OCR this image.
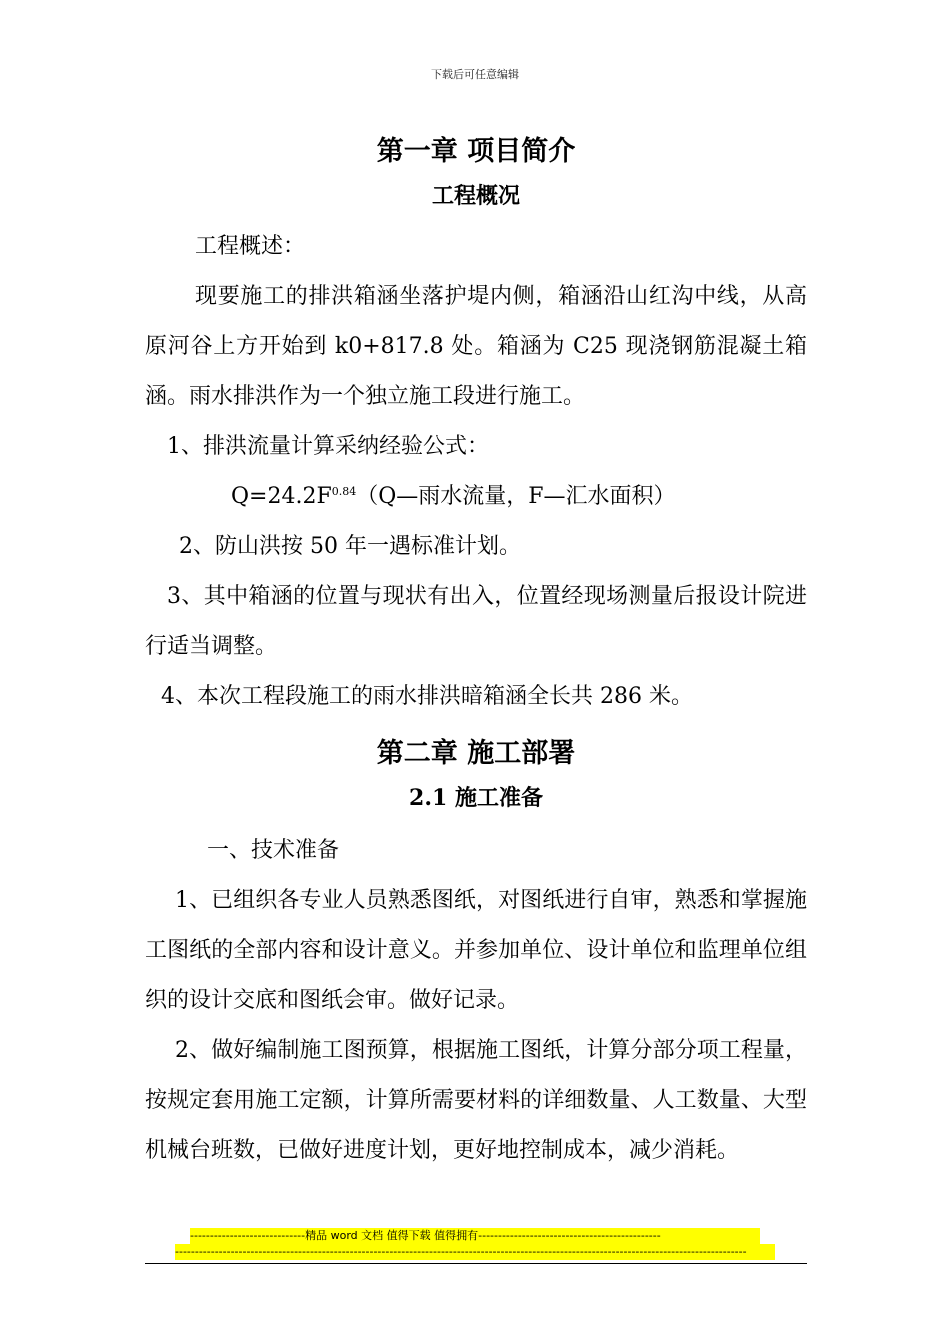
下载后可任意编辑
第一章 项目简介
工程概况

工程概述：

现要施工的排洪箱涵坐落护堤内侧，箱涵沿山红沟中线，从高原河谷上方开始到 k0+817.8 处。箱涵为 C25 现浇钢筋混凝土箱涵。雨水排洪作为一个独立施工段进行施工。

1、排洪流量计算采纳经验公式：

$Q=24.2F^{0.84}(Q—$雨水流量，F—汇水面积）

2、防山洪按 50 年一遇标准计划。

3、其中箱涵的位置与现状有出入，位置经现场测量后报设计院进行适当调整。

4、本次工程段施工的雨水排洪暗箱涵全长共 286 米。

第二章 施工部署
2.1 施工准备

一、技术准备

1、已组织各专业人员熟悉图纸，对图纸进行自审，熟悉和掌握施工图纸的全部内容和设计意义。并参加单位、设计单位和监理单位组织的设计交底和图纸会审。做好记录。

2、做好编制施工图预算，根据施工图纸，计算分部分项工程量，按规定套用施工定额，计算所需要材料的详细数量、人工数量、大型机械台班数，已做好进度计划，更好地控制成本，减少消耗。

-----------------------------精品 word 文档 值得下载 值得拥有----------------------------------------------
------------------------------------------------------------------------------------------------------------------------------------------------
